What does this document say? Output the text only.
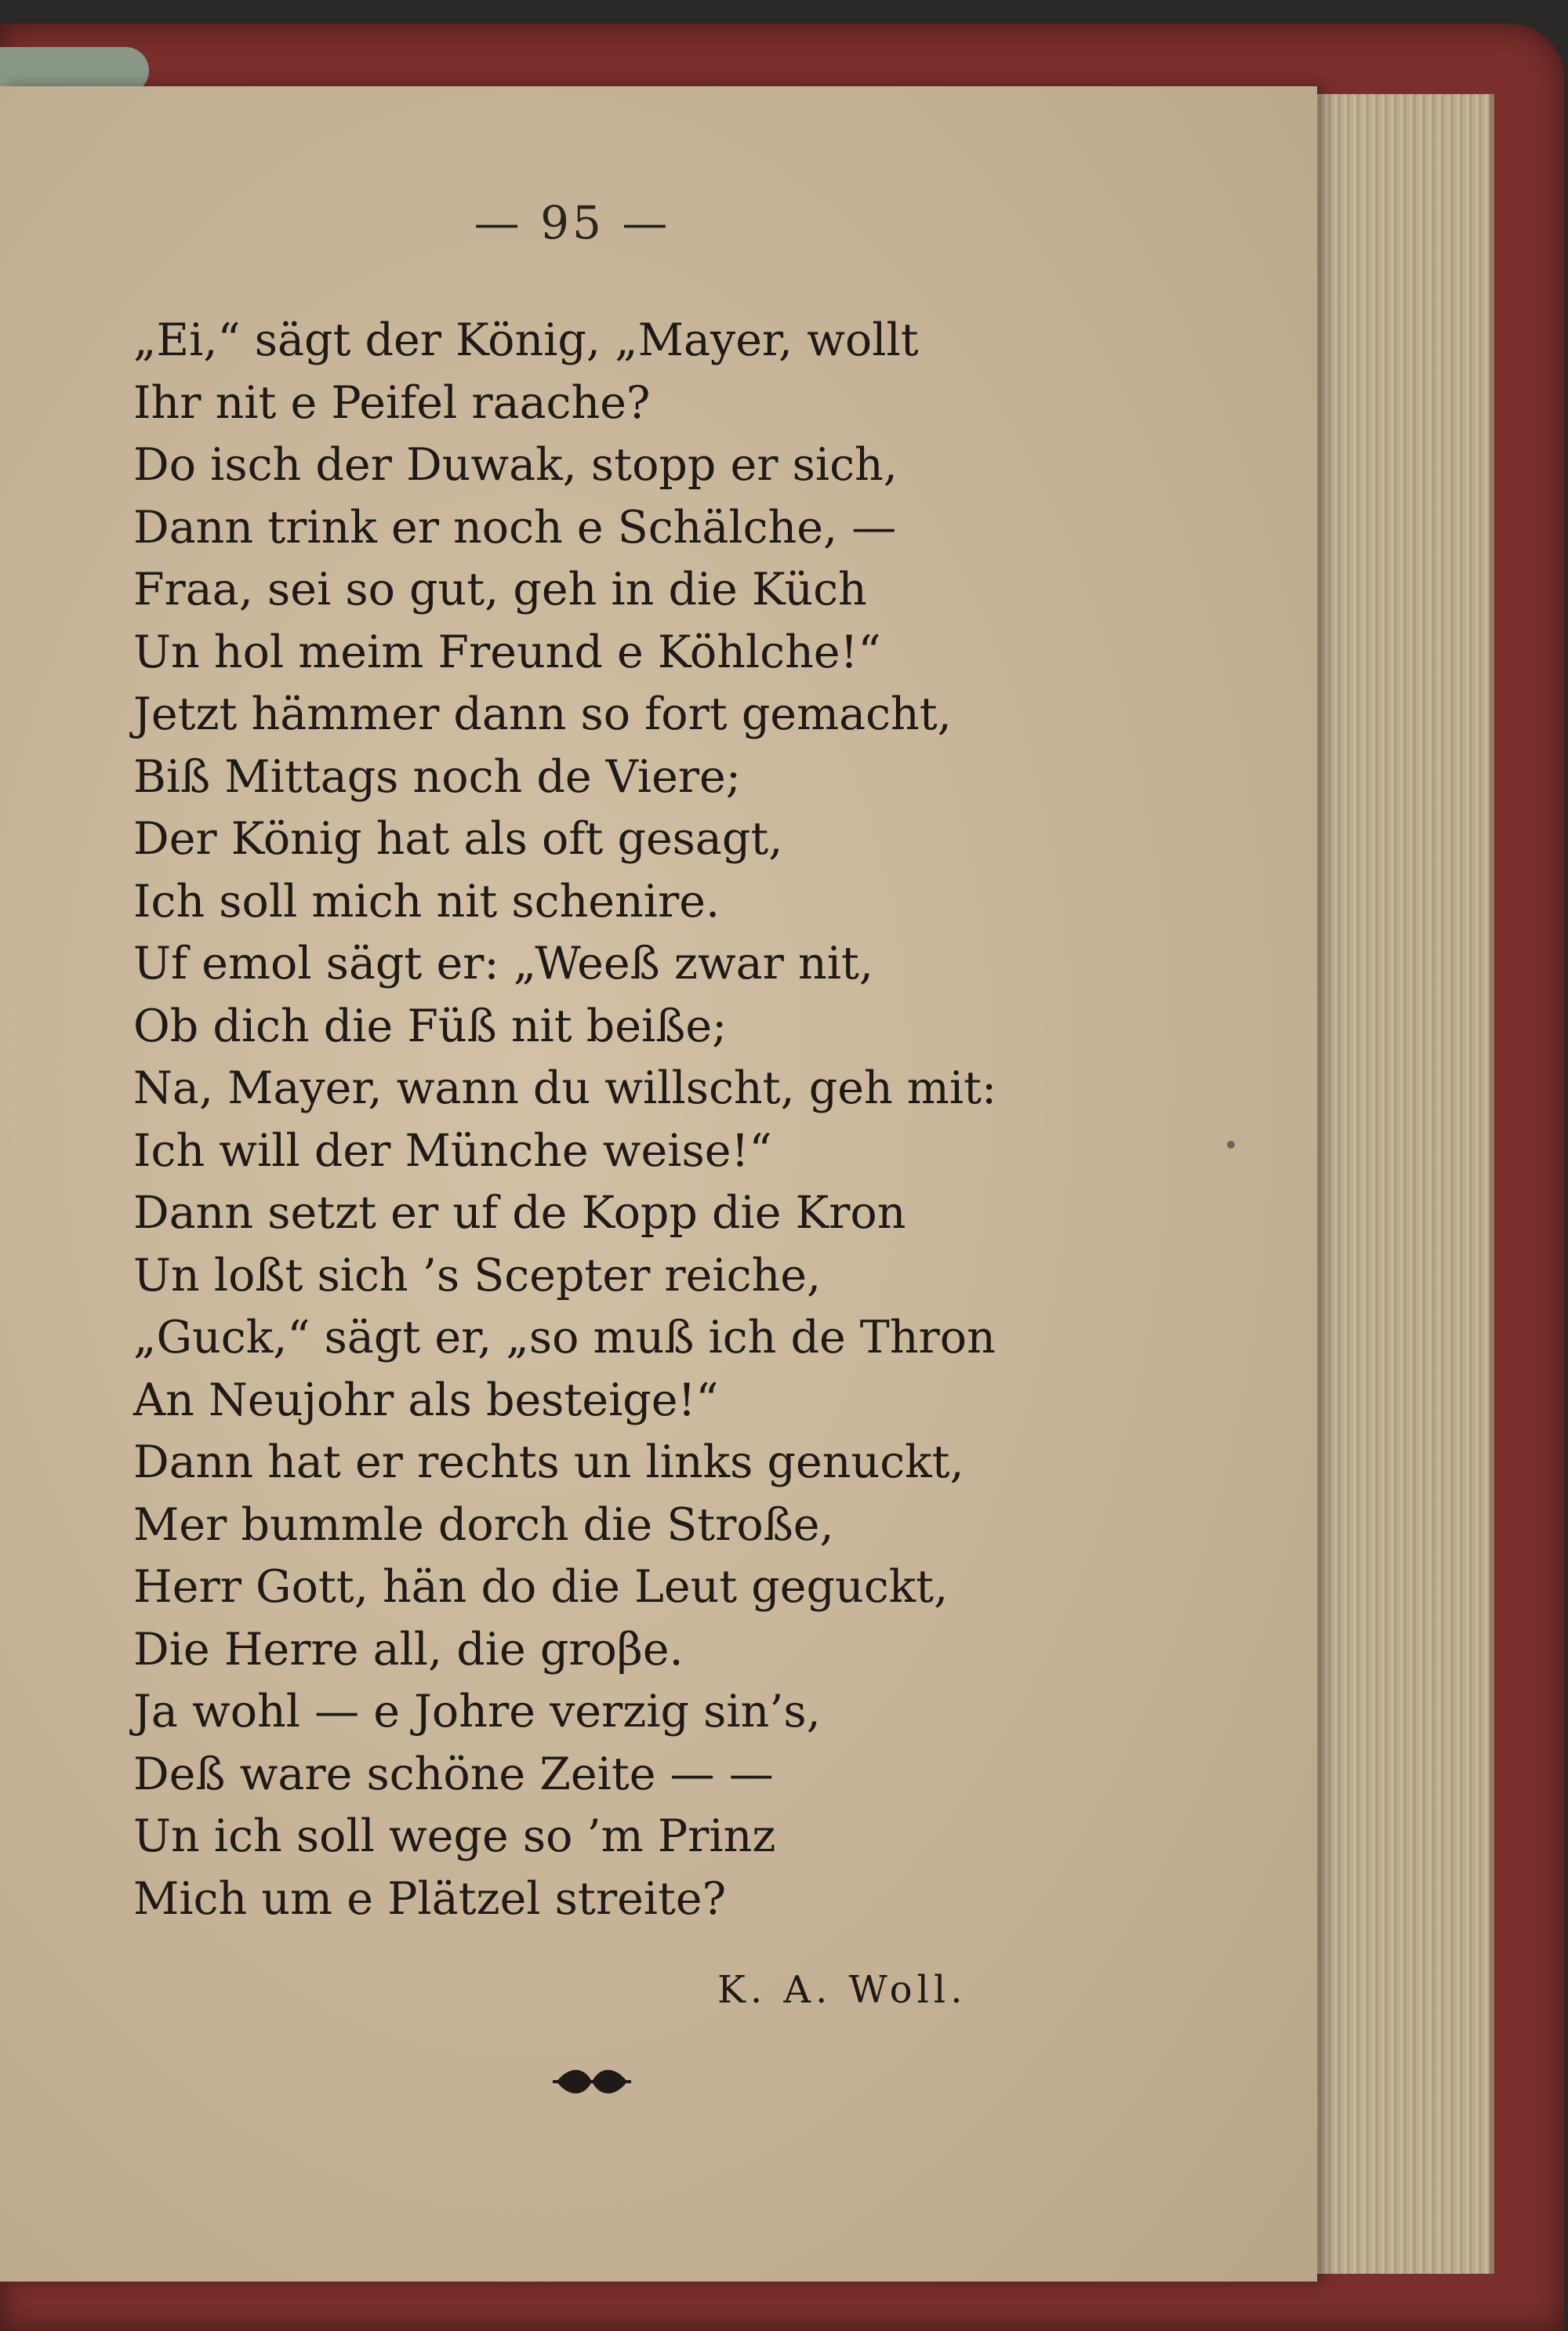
— 95 —
„Ei,“ sägt der König, „Mayer, wollt
Ihr nit e Peifel raache?
Do isch der Duwak, stopp er sich,
Dann trink er noch e Schälche, —
Fraa, sei so gut, geh in die Küch
Un hol meim Freund e Köhlche!“
Jetzt hämmer dann so fort gemacht,
Biß Mittags noch de Viere;
Der König hat als oft gesagt,
Ich soll mich nit schenire.
Uf emol sägt er: „Weeß zwar nit,
Ob dich die Füß nit beiße;
Na, Mayer, wann du willscht, geh mit:
Ich will der Münche weise!“
Dann setzt er uf de Kopp die Kron
Un loßt sich ’s Scepter reiche,
„Guck,“ sägt er, „so muß ich de Thron
An Neujohr als besteige!“
Dann hat er rechts un links genuckt,
Mer bummle dorch die Stroße,
Herr Gott, hän do die Leut geguckt,
Die Herre all, die groβe.
Ja wohl — e Johre verzig sin’s,
Deß ware schöne Zeite — —
Un ich soll wege so ’m Prinz
Mich um e Plätzel streite?
K. A. Woll.
